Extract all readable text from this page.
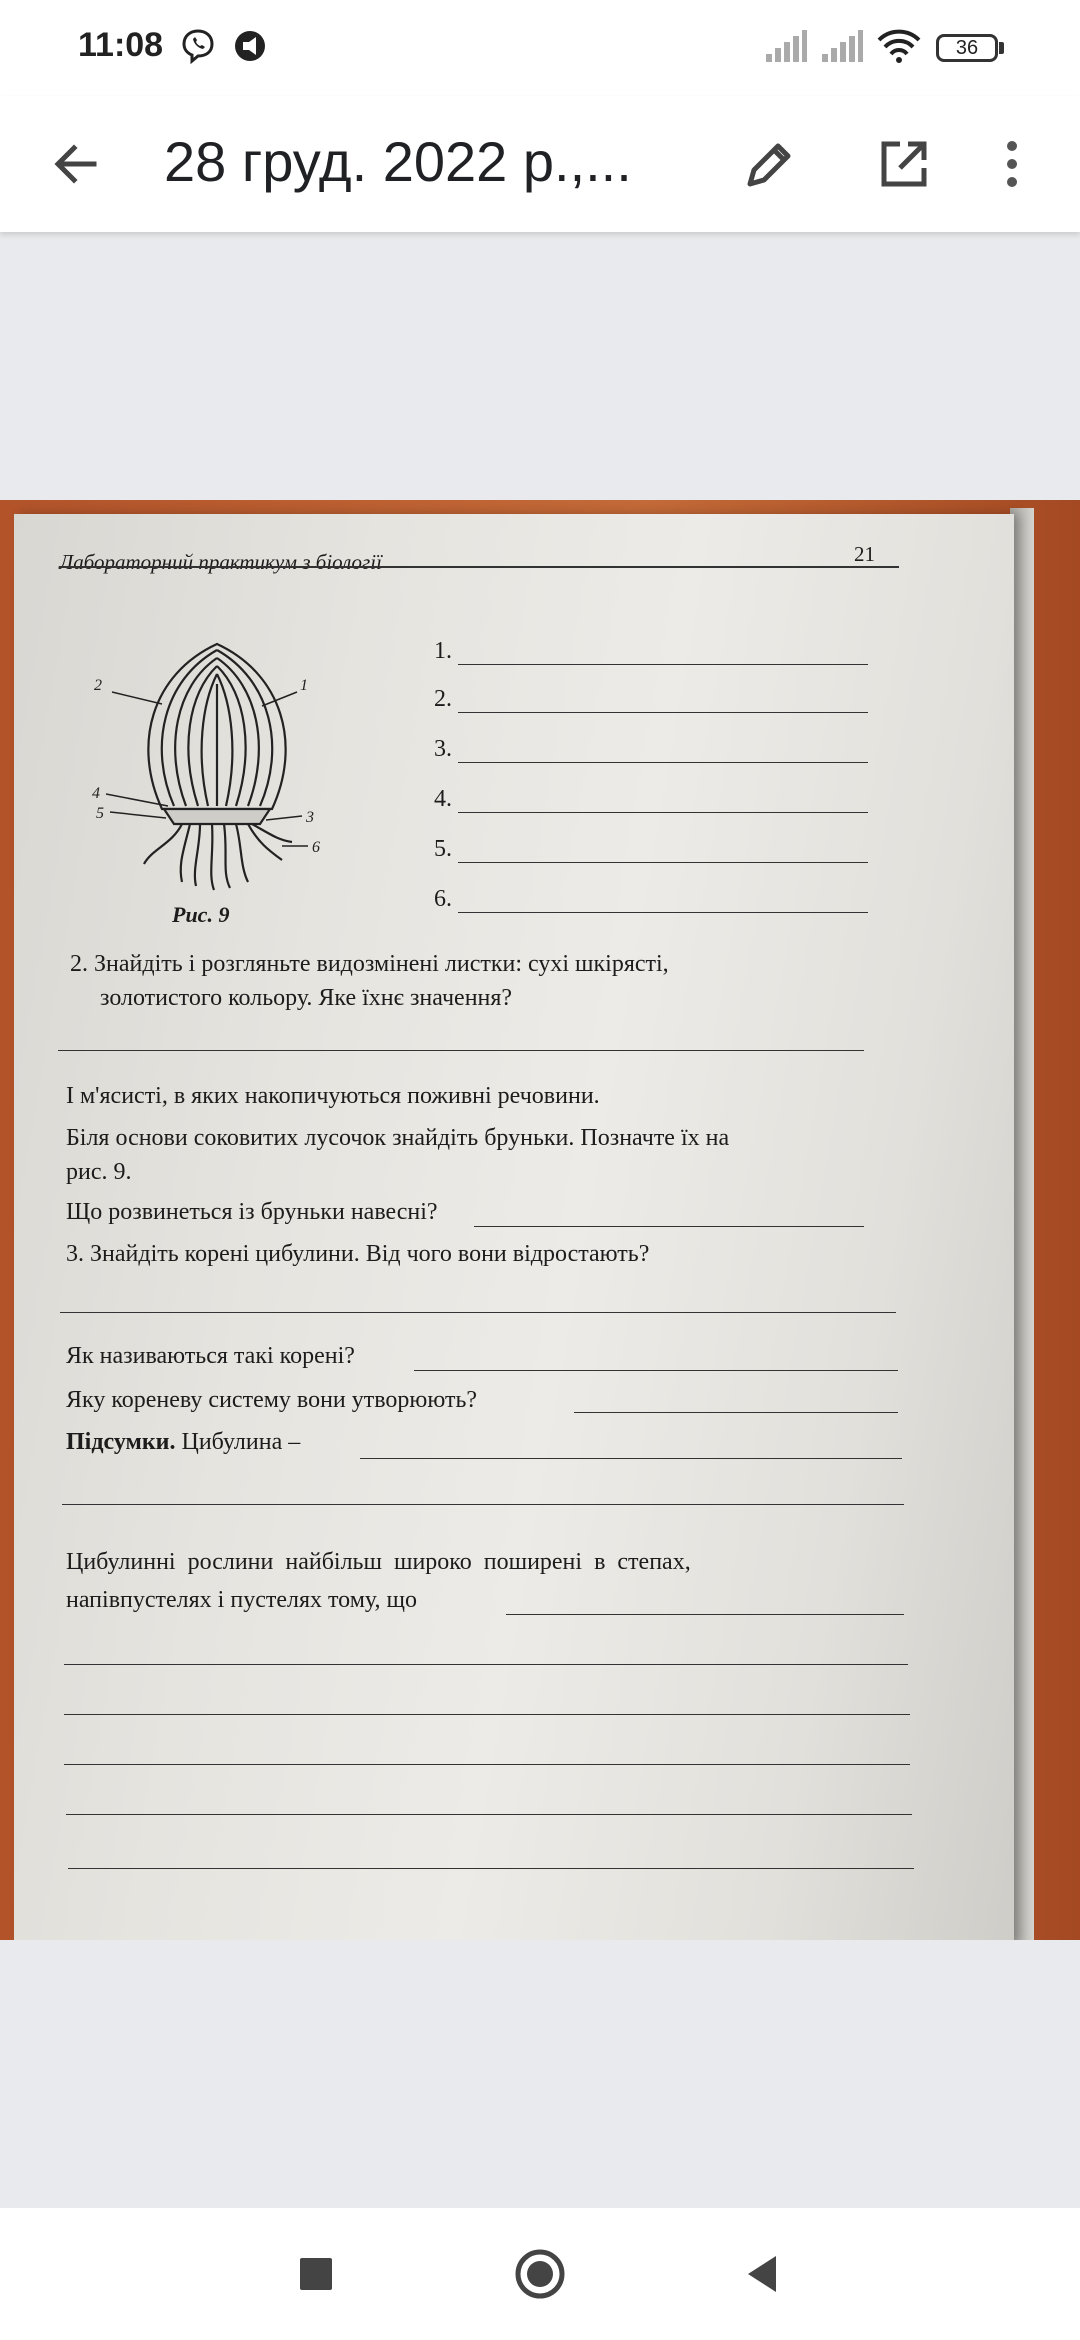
11:08	36
28 груд. 2022 р.,...
Лабораторний практикум з біології	21
2	1
4
5	3
6
Рис. 9
1.
2.
3.
4.
5.
6.
2. Знайдіть і розгляньте видозмінені листки: сухі шкірясті,
золотистого кольору. Яке їхнє значення?
І м'ясисті, в яких накопичуються поживні речовини.
Біля основи соковитих лусочок знайдіть бруньки. Позначте їх на
рис. 9.
Що розвинеться із бруньки навесні?
3. Знайдіть корені цибулини. Від чого вони відростають?
Як називаються такі корені?
Яку кореневу систему вони утворюють?
Підсумки. Цибулина –
Цибулинні рослини найбільш широко поширені в степах,
напівпустелях і пустелях тому, що
